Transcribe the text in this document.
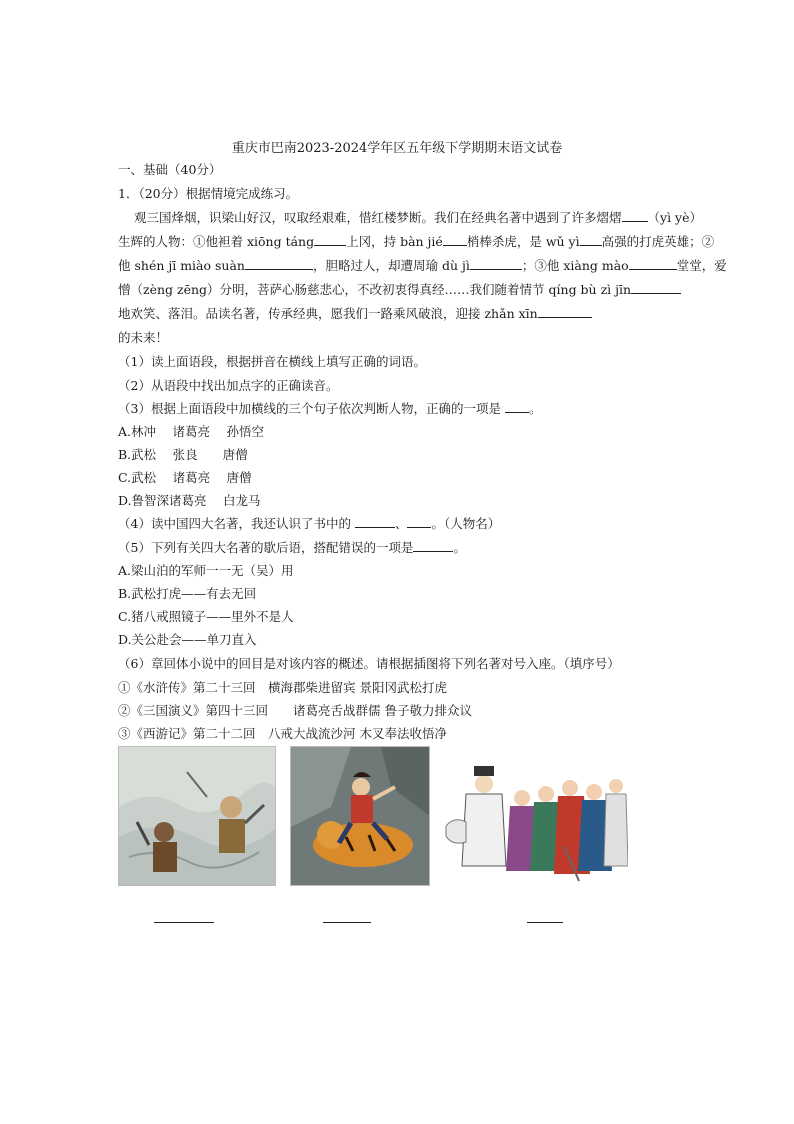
重庆市巴南2023-2024学年区五年级下学期期末语文试卷
一、基础（40分）
1．（20分）根据情境完成练习。
观三国烽烟，识梁山好汉，叹取经艰难，惜红楼梦断。我们在经典名著中遇到了许多熠熠 （yì yè）
生辉的人物：①他袒着 xiōng táng	上冈，持 bàn jié 梢棒杀虎，是 wǔ yì 高强的打虎英雄；②
他 shén jī miào suàn	，胆略过人，却遭周瑜 dù jì	；③他 xiàng mào	堂堂，爱
憎（zèng zēng）分明，菩萨心肠慈悲心，不改初衷得真经……我们随着情节 qíng bù zì jīn
地欢笑、落泪。品读名著，传承经典，愿我们一路乘风破浪，迎接 zhǎn xīn
的未来！
（1）读上面语段，根据拼音在横线上填写正确的词语。
（2）从语段中找出加点字的正确读音。
（3）根据上面语段中加横线的三个句子依次判断人物，正确的一项是 。
A.林冲　 诸葛亮　 孙悟空
B.武松　 张良　　唐僧
C.武松　 诸葛亮　 唐僧
D.鲁智深诸葛亮　 白龙马
（4）读中国四大名著，我还认识了书中的	、 。（人物名）
（5）下列有关四大名著的歇后语，搭配错误的一项是	。
A.梁山泊的军师一一无（吴）用
B.武松打虎——有去无回
C.猪八戒照镜子——里外不是人
D.关公赴会——单刀直入
（6）章回体小说中的回目是对该内容的概述。请根据插图将下列名著对号入座。（填序号）
①《水浒传》第二十三回　横海郡柴进留宾 景阳冈武松打虎
②《三国演义》第四十三回　　诸葛亮舌战群儒 鲁子敬力排众议
③《西游记》第二十二回　八戒大战流沙河 木叉奉法收悟净
